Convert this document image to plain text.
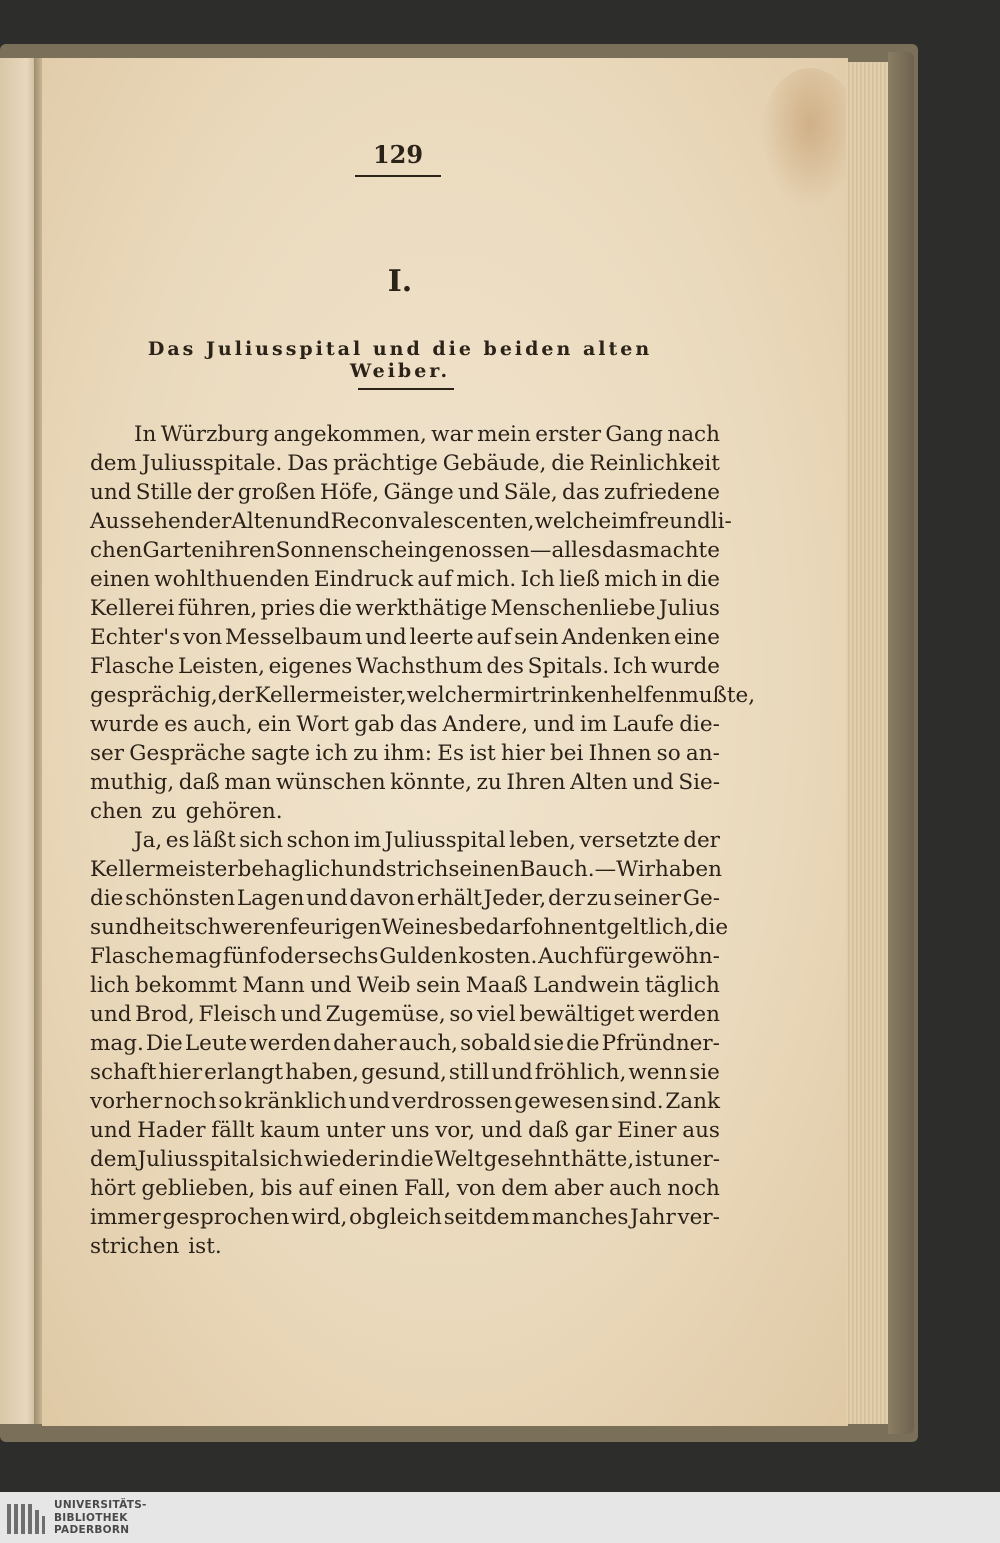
129
I.
Das Juliusspital und die beiden alten Weiber.
In Würzburg angekommen, war mein erster Gang nach
dem Juliusspitale. Das prächtige Gebäude, die Reinlichkeit
und Stille der großen Höfe, Gänge und Säle, das zufriedene
Aussehen der Alten und Reconvalescenten, welche im freundli-
chen Garten ihren Sonnenschein genossen — alles das machte
einen wohlthuenden Eindruck auf mich. Ich ließ mich in die
Kellerei führen, pries die werkthätige Menschenliebe Julius
Echter's von Messelbaum und leerte auf sein Andenken eine
Flasche Leisten, eigenes Wachsthum des Spitals. Ich wurde
gesprächig, der Kellermeister, welcher mir trinken helfen mußte,
wurde es auch, ein Wort gab das Andere, und im Laufe die-
ser Gespräche sagte ich zu ihm: Es ist hier bei Ihnen so an-
muthig, daß man wünschen könnte, zu Ihren Alten und Sie-
chen zu gehören.
Ja, es läßt sich schon im Juliusspital leben, versetzte der
Kellermeister behaglich und strich seinen Bauch. — Wir haben
die schönsten Lagen und davon erhält Jeder, der zu seiner Ge-
sundheit schweren feurigen Weines bedarf ohnentgeltlich, die
Flasche mag fünf oder sechs Gulden kosten. Auch für gewöhn-
lich bekommt Mann und Weib sein Maaß Landwein täglich
und Brod, Fleisch und Zugemüse, so viel bewältiget werden
mag. Die Leute werden daher auch, sobald sie die Pfründner-
schaft hier erlangt haben, gesund, still und fröhlich, wenn sie
vorher noch so kränklich und verdrossen gewesen sind. Zank
und Hader fällt kaum unter uns vor, und daß gar Einer aus
dem Juliusspital sich wieder in die Welt gesehnt hätte, ist uner-
hört geblieben, bis auf einen Fall, von dem aber auch noch
immer gesprochen wird, obgleich seitdem manches Jahr ver-
strichen ist.
UNIVERSITÄTS-
BIBLIOTHEK
PADERBORN
